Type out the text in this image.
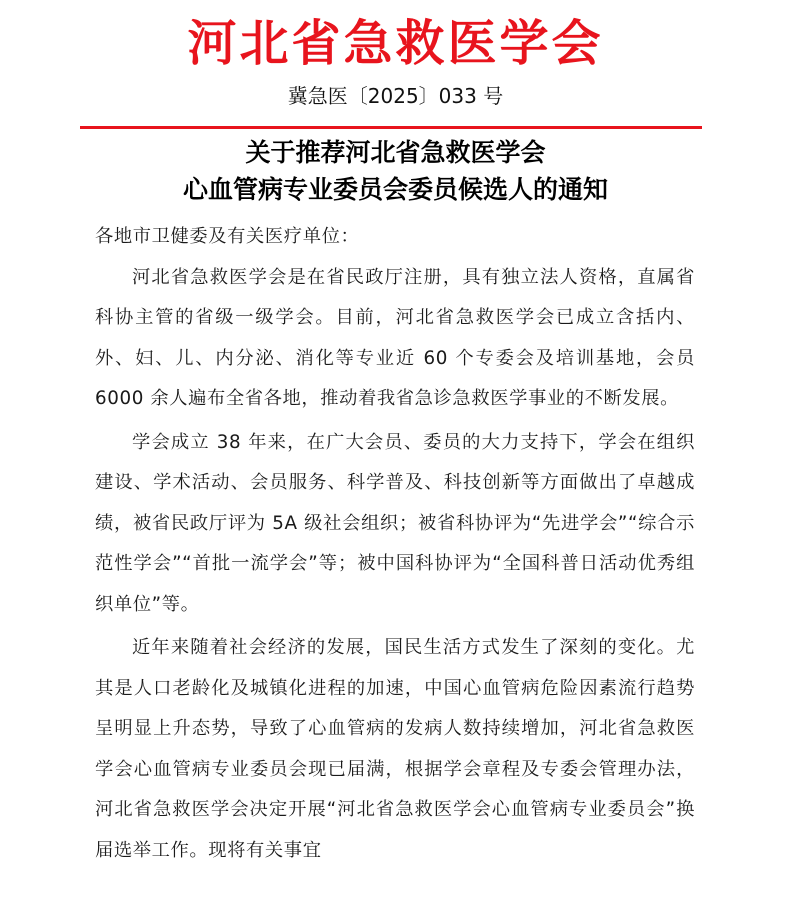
河北省急救医学会
冀急医〔2025〕033 号
关于推荐河北省急救医学会
心血管病专业委员会委员候选人的通知

各地市卫健委及有关医疗单位：

河北省急救医学会是在省民政厅注册，具有独立法人资格，直属省科协主管的省级一级学会。目前，河北省急救医学会已成立含括内、外、妇、儿、内分泌、消化等专业近 60 个专委会及培训基地，会员 6000 余人遍布全省各地，推动着我省急诊急救医学事业的不断发展。

学会成立 38 年来，在广大会员、委员的大力支持下，学会在组织建设、学术活动、会员服务、科学普及、科技创新等方面做出了卓越成绩，被省民政厅评为 5A 级社会组织；被省科协评为“先进学会”“综合示范性学会”“首批一流学会”等；被中国科协评为“全国科普日活动优秀组织单位”等。

近年来随着社会经济的发展，国民生活方式发生了深刻的变化。尤其是人口老龄化及城镇化进程的加速，中国心血管病危险因素流行趋势呈明显上升态势，导致了心血管病的发病人数持续增加，河北省急救医学会心血管病专业委员会现已届满，根据学会章程及专委会管理办法，河北省急救医学会决定开展“河北省急救医学会心血管病专业委员会”换届选举工作。现将有关事宜
